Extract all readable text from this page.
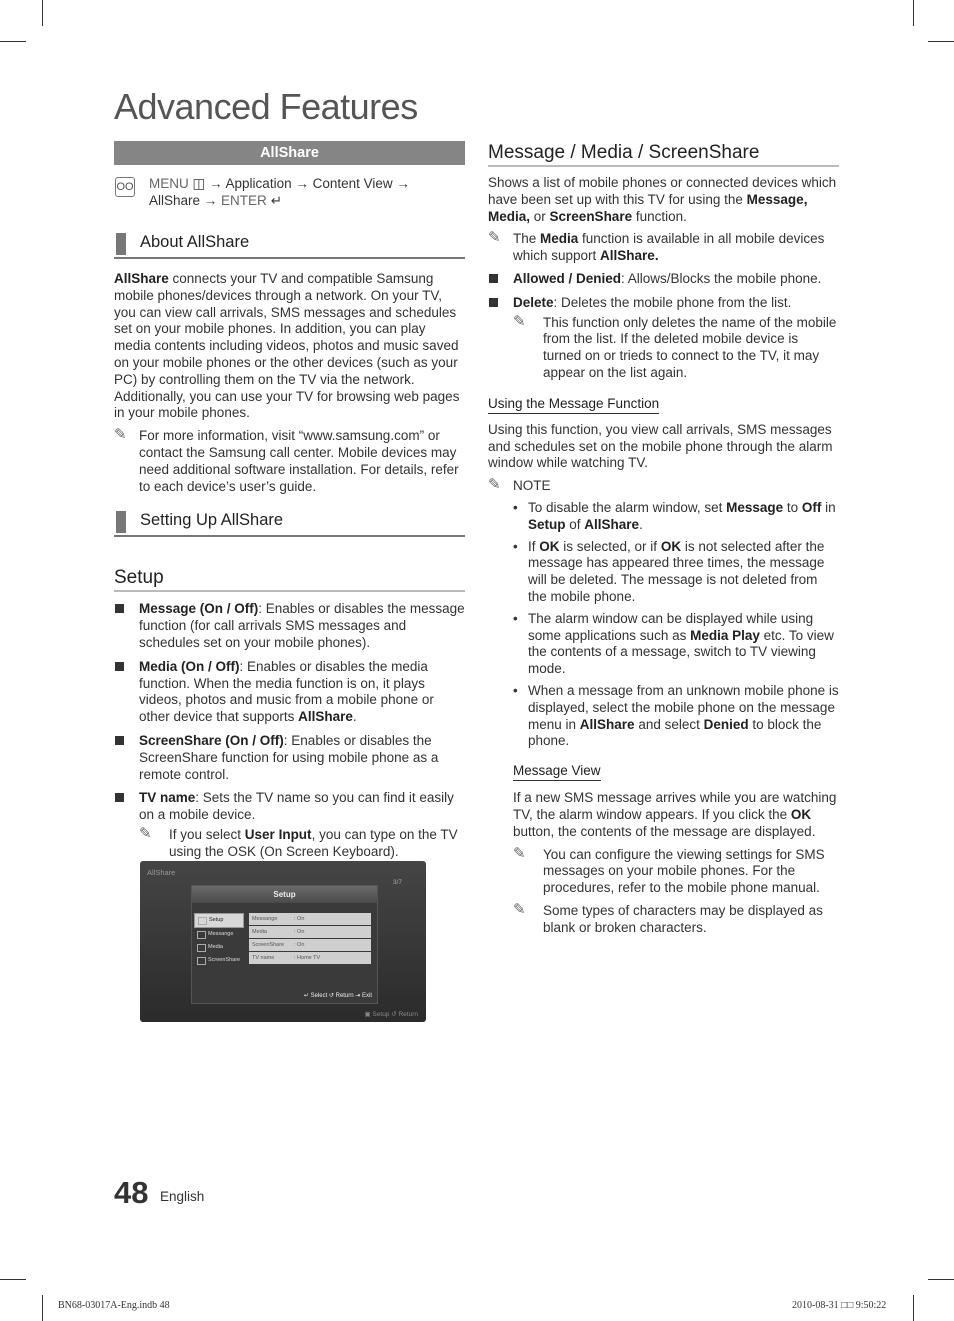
Advanced Features
AllShare
OO MENU ◫ → Application → Content View →
AllShare → ENTER ↵
About AllShare

AllShare connects your TV and compatible Samsung mobile phones/devices through a network. On your TV, you can view call arrivals, SMS messages and schedules set on your mobile phones. In addition, you can play media contents including videos, photos and music saved on your mobile phones or the other devices (such as your PC) by controlling them on the TV via the network. Additionally, you can use your TV for browsing web pages in your mobile phones.

✎ For more information, visit “www.samsung.com” or contact the Samsung call center. Mobile devices may need additional software installation. For details, refer to each device’s user’s guide.
Setting Up AllShare
Setup
Message (On / Off): Enables or disables the message function (for call arrivals SMS messages and schedules set on your mobile phones).
Media (On / Off): Enables or disables the media function. When the media function is on, it plays videos, photos and music from a mobile phone or other device that supports AllShare.
ScreenShare (On / Off): Enables or disables the ScreenShare function for using mobile phone as a remote control.
TV name: Sets the TV name so you can find it easily on a mobile device.
✎ If you select User Input, you can type on the TV using the OSK (On Screen Keyboard).
AllShare
3/7
Setup
Setup
Messange
Media
ScreenShare
Messange	: On
Media	: On
ScreenShare : On
TV name	: Home TV
↵ Select ↺ Return ⇥ Exit
▣ Setup ↺ Return
Message / Media / ScreenShare

Shows a list of mobile phones or connected devices which have been set up with this TV for using the Message, Media, or ScreenShare function.

✎ The Media function is available in all mobile devices which support AllShare.
Allowed / Denied: Allows/Blocks the mobile phone.
Delete: Deletes the mobile phone from the list.
✎ This function only deletes the name of the mobile from the list. If the deleted mobile device is turned on or trieds to connect to the TV, it may appear on the list again.
Using the Message Function

Using this function, you view call arrivals, SMS messages and schedules set on the mobile phone through the alarm window while watching TV.

✎ NOTE
• To disable the alarm window, set Message to Off in Setup of AllShare.
• If OK is selected, or if OK is not selected after the message has appeared three times, the message will be deleted. The message is not deleted from the mobile phone.
• The alarm window can be displayed while using some applications such as Media Play etc. To view the contents of a message, switch to TV viewing mode.
• When a message from an unknown mobile phone is displayed, select the mobile phone on the message menu in AllShare and select Denied to block the phone.
Message View

If a new SMS message arrives while you are watching TV, the alarm window appears. If you click the OK button, the contents of the message are displayed.

✎ You can configure the viewing settings for SMS messages on your mobile phones. For the procedures, refer to the mobile phone manual.
✎ Some types of characters may be displayed as blank or broken characters.
48 English
BN68-03017A-Eng.indb 48	2010-08-31 □□ 9:50:22
